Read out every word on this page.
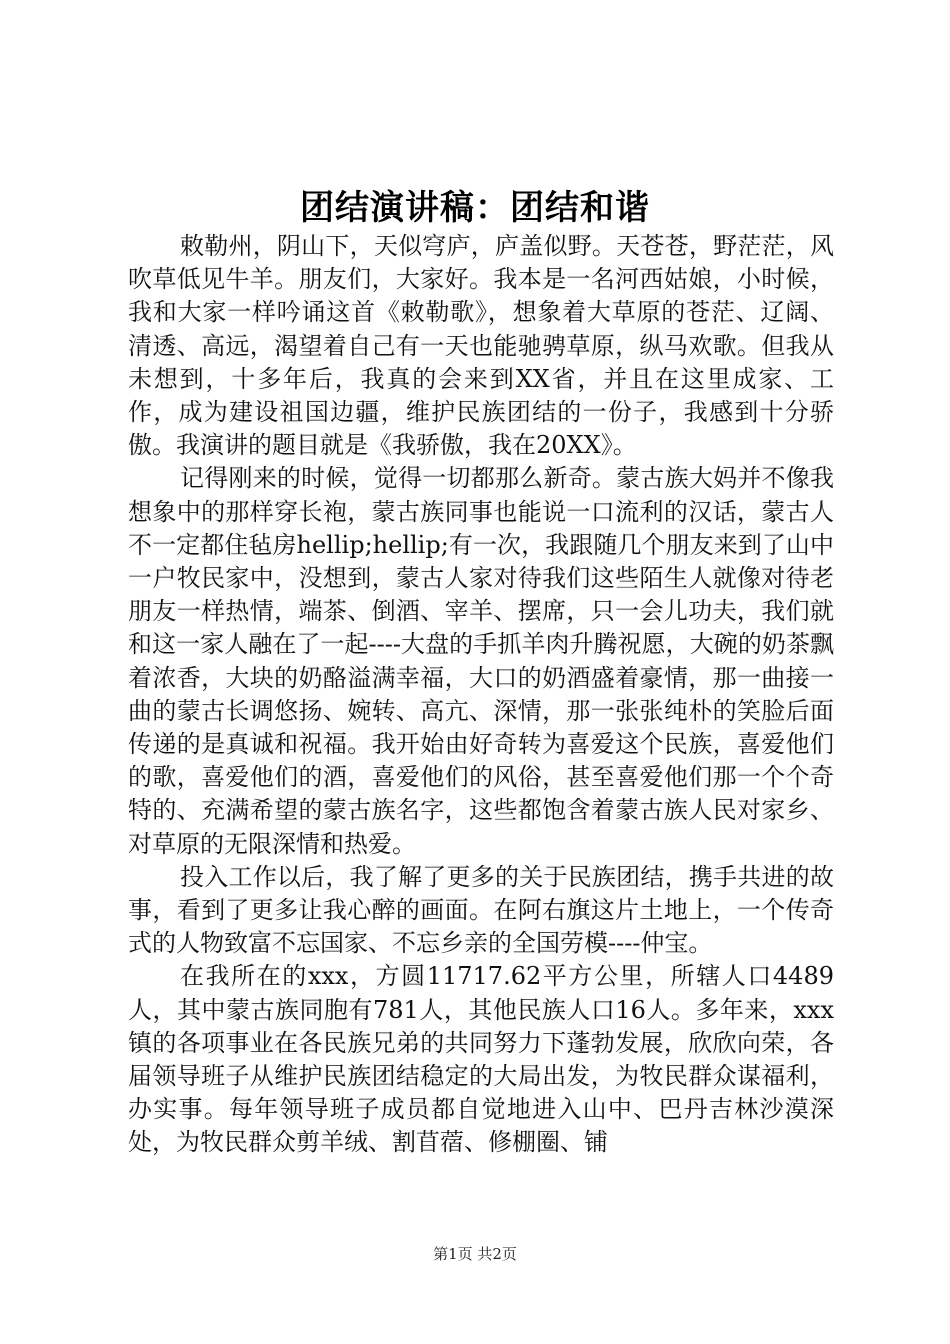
团结演讲稿：团结和谐

敕勒州，阴山下，天似穹庐，庐盖似野。天苍苍，野茫茫，风吹草低见牛羊。朋友们，大家好。我本是一名河西姑娘，小时候，我和大家一样吟诵这首《敕勒歌》，想象着大草原的苍茫、辽阔、清透、高远，渴望着自己有一天也能驰骋草原，纵马欢歌。但我从未想到，十多年后，我真的会来到XX省，并且在这里成家、工作，成为建设祖国边疆，维护民族团结的一份子，我感到十分骄傲。我演讲的题目就是《我骄傲，我在20XX》。

记得刚来的时候，觉得一切都那么新奇。蒙古族大妈并不像我想象中的那样穿长袍，蒙古族同事也能说一口流利的汉话，蒙古人不一定都住毡房hellip;hellip;有一次，我跟随几个朋友来到了山中一户牧民家中，没想到，蒙古人家对待我们这些陌生人就像对待老朋友一样热情，端茶、倒酒、宰羊、摆席，只一会儿功夫，我们就和这一家人融在了一起----大盘的手抓羊肉升腾祝愿，大碗的奶茶飘着浓香，大块的奶酪溢满幸福，大口的奶酒盛着豪情，那一曲接一曲的蒙古长调悠扬、婉转、高亢、深情，那一张张纯朴的笑脸后面传递的是真诚和祝福。我开始由好奇转为喜爱这个民族，喜爱他们的歌，喜爱他们的酒，喜爱他们的风俗，甚至喜爱他们那一个个奇特的、充满希望的蒙古族名字，这些都饱含着蒙古族人民对家乡、对草原的无限深情和热爱。

投入工作以后，我了解了更多的关于民族团结，携手共进的故事，看到了更多让我心醉的画面。在阿右旗这片土地上，一个传奇式的人物致富不忘国家、不忘乡亲的全国劳模----仲宝。

在我所在的xxx，方圆11717.62平方公里，所辖人口4489人，其中蒙古族同胞有781人，其他民族人口16人。多年来，xxx镇的各项事业在各民族兄弟的共同努力下蓬勃发展，欣欣向荣，各届领导班子从维护民族团结稳定的大局出发，为牧民群众谋福利，办实事。每年领导班子成员都自觉地进入山中、巴丹吉林沙漠深处，为牧民群众剪羊绒、割苜蓿、修棚圈、铺

第1页 共2页
